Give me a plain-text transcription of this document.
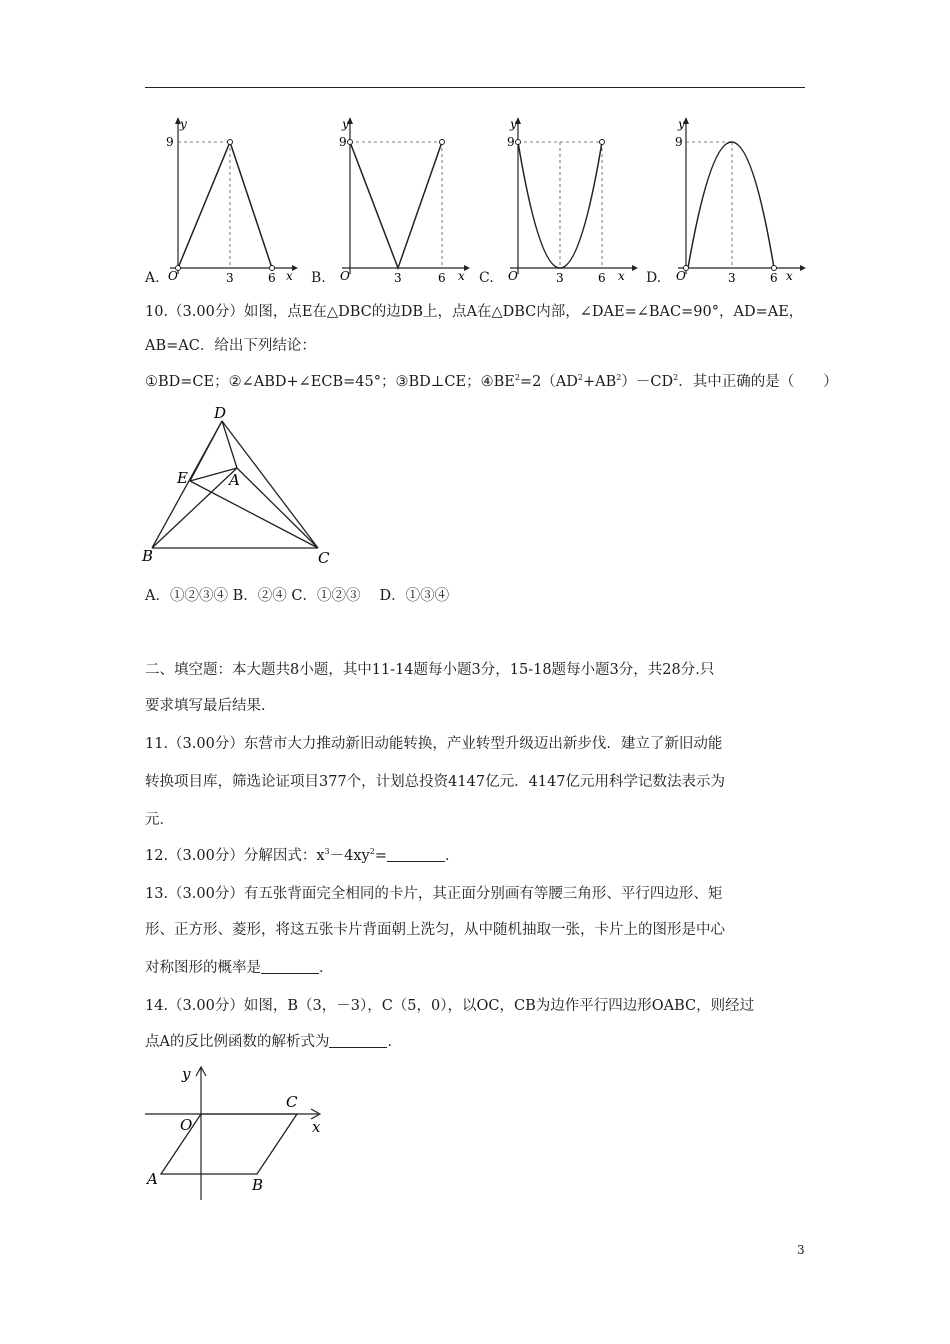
y
9
O	3	6 x
A.
y
9
O	3	6 x
B.
y
9
O	3	6 x
C.
y
9
O	3	6 x
D.
10.（3.00分）如图，点E在△DBC的边DB上，点A在△DBC内部，∠DAE=∠BAC=90°，AD=AE，
AB=AC．给出下列结论：
①BD=CE；②∠ABD+∠ECB=45°；③BD⊥CE；$④BE^2=2(AD^2+AB^2)-CD^2$．其中正确的是（　　）
D
E	A
B	C
A．①②③④ B．②④ C．①②③　 D．①③④
二、填空题：本大题共8小题，其中11-14题每小题3分，15-18题每小题3分，共28分.只
要求填写最后结果.
11.（3.00分）东营市大力推动新旧动能转换，产业转型升级迈出新步伐．建立了新旧动能
转换项目库，筛选论证项目377个，计划总投资4147亿元．4147亿元用科学记数法表示为
元．
12.（3.00分）分解因式：$x^3-4xy^2=$	．
13.（3.00分）有五张背面完全相同的卡片，其正面分别画有等腰三角形、平行四边形、矩
形、正方形、菱形，将这五张卡片背面朝上洗匀，从中随机抽取一张，卡片上的图形是中心
对称图形的概率是	．
14.（3.00分）如图，B（3，－3），C（5，0），以OC，CB为边作平行四边形OABC，则经过
点A的反比例函数的解析式为	．
y
x
O
C
A	B
3
